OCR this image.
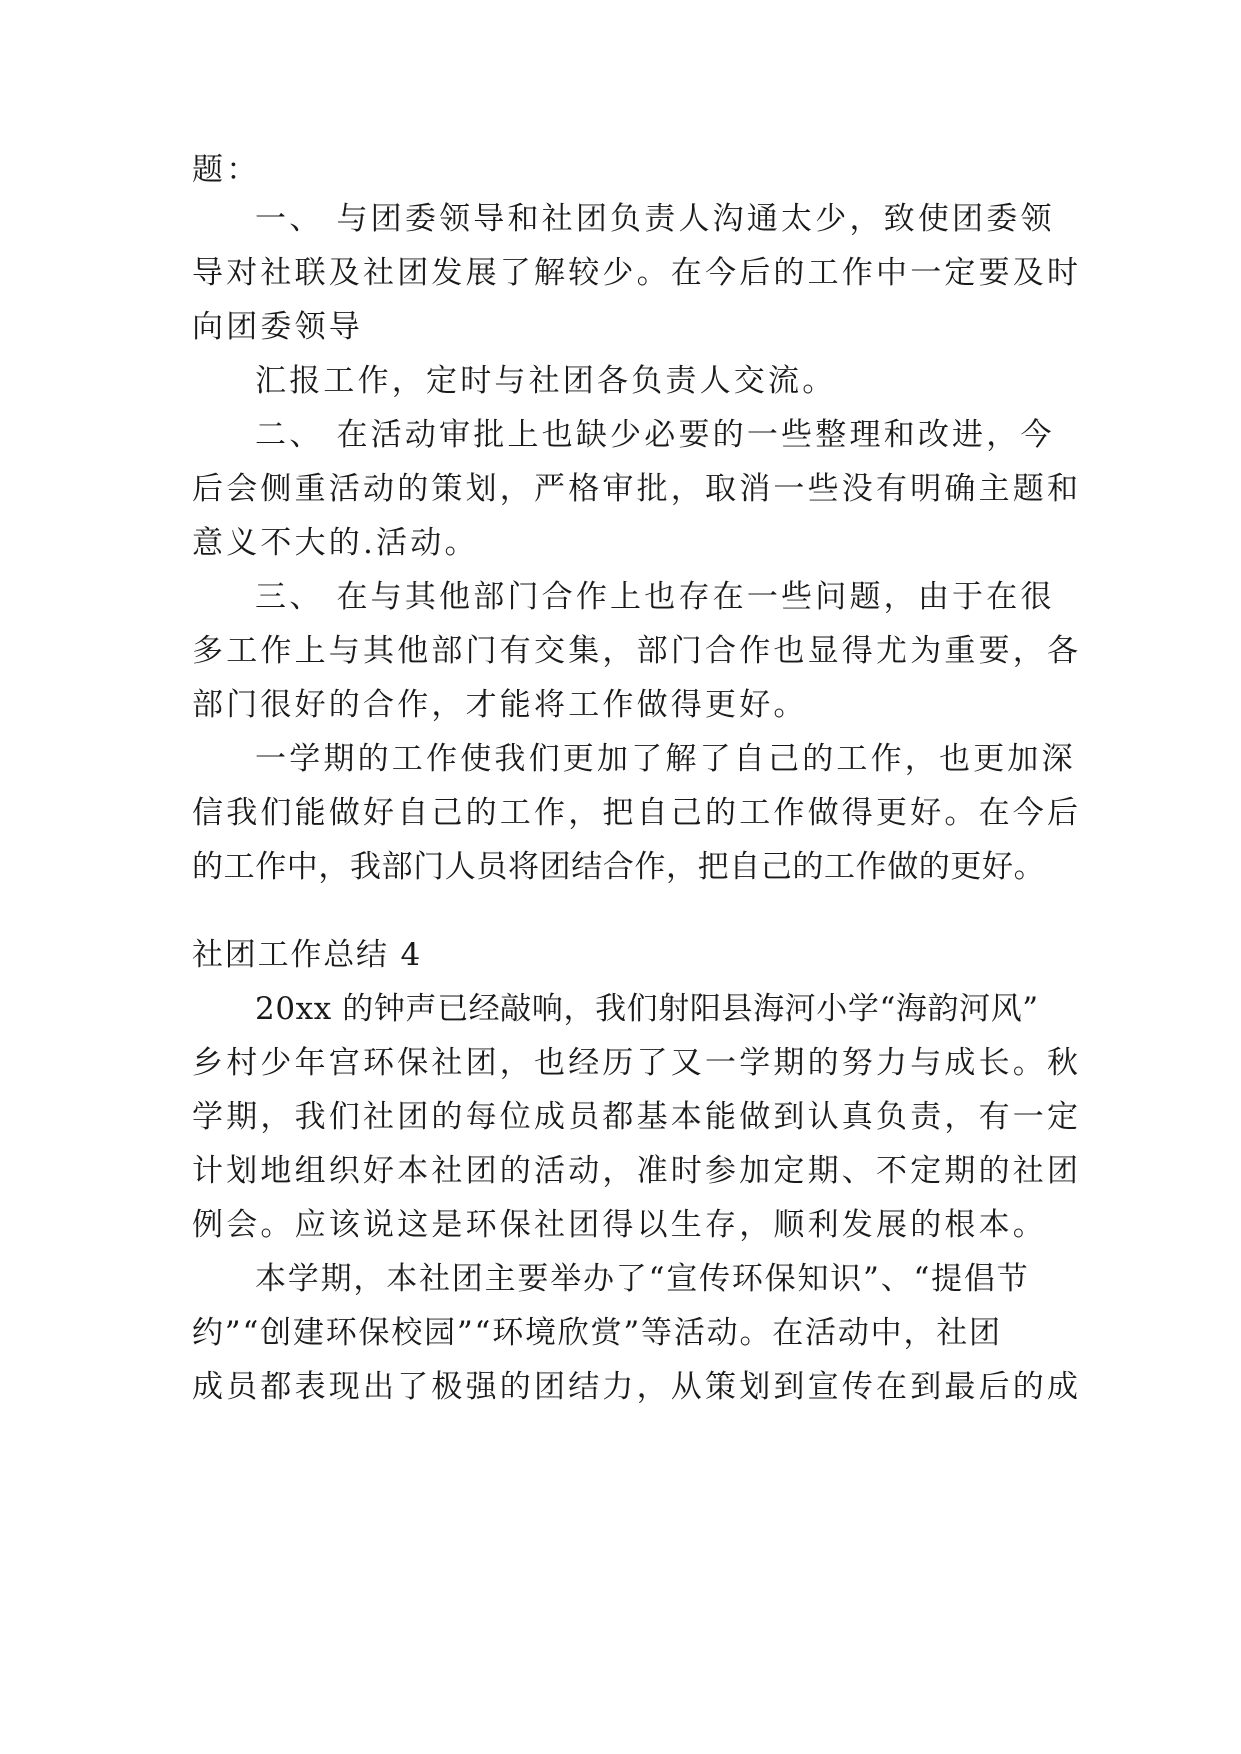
题：
一、 与团委领导和社团负责人沟通太少，致使团委领
导对社联及社团发展了解较少。在今后的工作中一定要及时
向团委领导
汇报工作，定时与社团各负责人交流。
二、 在活动审批上也缺少必要的一些整理和改进，今
后会侧重活动的策划，严格审批，取消一些没有明确主题和
意义不大的.活动。
三、 在与其他部门合作上也存在一些问题，由于在很
多工作上与其他部门有交集，部门合作也显得尤为重要，各
部门很好的合作，才能将工作做得更好。
一学期的工作使我们更加了解了自己的工作，也更加深
信我们能做好自己的工作，把自己的工作做得更好。在今后
的工作中，我部门人员将团结合作，把自己的工作做的更好。
社团工作总结 4
20xx 的钟声已经敲响，我们射阳县海河小学“海韵河风”
乡村少年宫环保社团，也经历了又一学期的努力与成长。秋
学期，我们社团的每位成员都基本能做到认真负责，有一定
计划地组织好本社团的活动，准时参加定期、不定期的社团
例会。应该说这是环保社团得以生存，顺利发展的根本。
本学期，本社团主要举办了“宣传环保知识”、“提倡节
约”“创建环保校园”“环境欣赏”等活动。在活动中，社团
成员都表现出了极强的团结力，从策划到宣传在到最后的成
